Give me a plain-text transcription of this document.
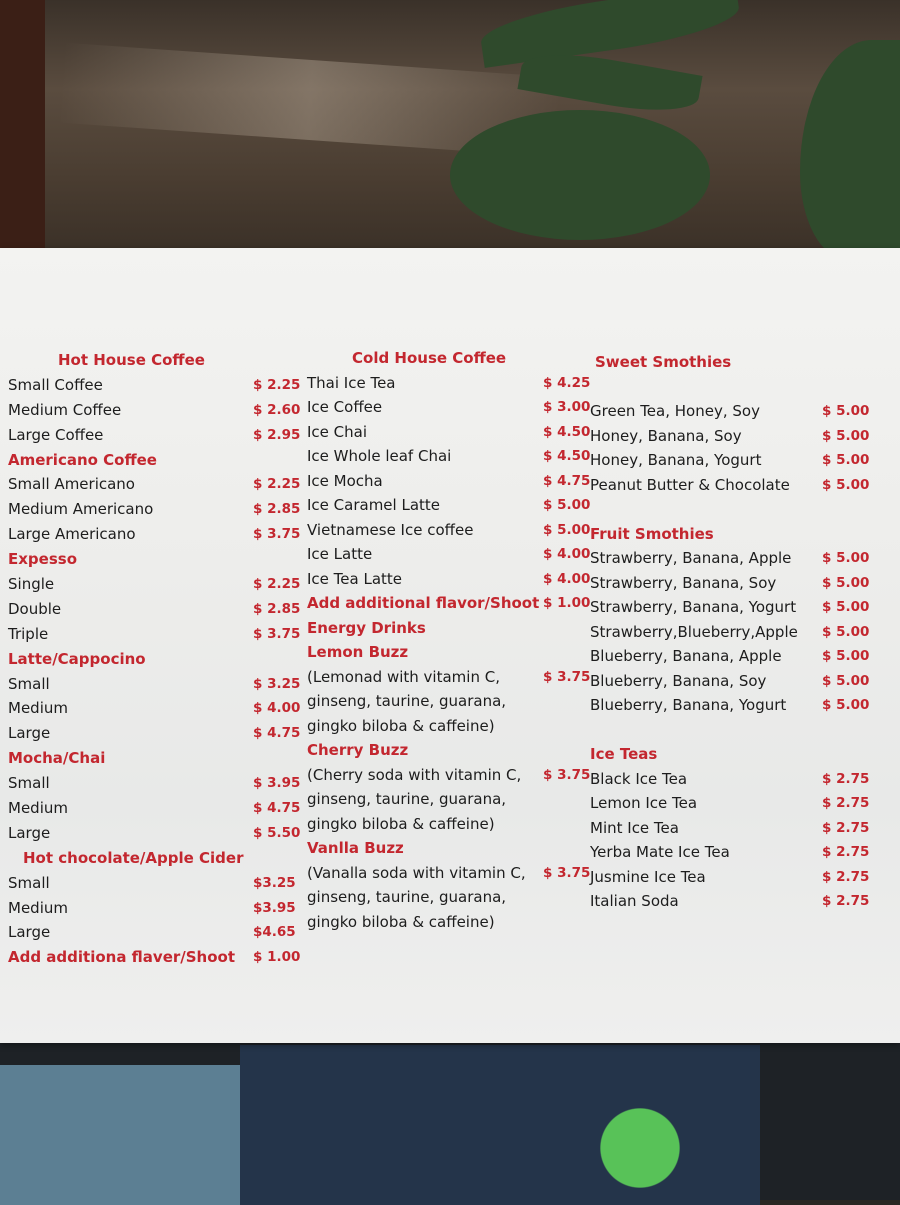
Hot House Coffee
Small Coffee	$ 2.25
Medium Coffee	$ 2.60
Large Coffee	$ 2.95
Americano Coffee
Small Americano	$ 2.25
Medium Americano	$ 2.85
Large Americano	$ 3.75
Expesso
Single	$ 2.25
Double	$ 2.85
Triple	$ 3.75
Latte/Cappocino
Small	$ 3.25
Medium	$ 4.00
Large	$ 4.75
Mocha/Chai
Small	$ 3.95
Medium	$ 4.75
Large	$ 5.50
Hot chocolate/Apple Cider
Small	$3.25
Medium	$3.95
Large	$4.65
Add additiona flaver/Shoot $ 1.00
Cold House Coffee
Thai Ice Tea	$ 4.25
Ice Coffee	$ 3.00
Ice Chai	$ 4.50
Ice Whole leaf Chai	$ 4.50
Ice Mocha	$ 4.75
Ice Caramel Latte	$ 5.00
Vietnamese Ice coffee	$ 5.00
Ice Latte	$ 4.00
Ice Tea Latte	$ 4.00
Add additional flavor/Shoot $ 1.00
Energy Drinks
Lemon Buzz
(Lemonad with vitamin C,	$ 3.75
ginseng, taurine, guarana,
gingko biloba & caffeine)
Cherry Buzz
(Cherry soda with vitamin C, $ 3.75
ginseng, taurine, guarana,
gingko biloba & caffeine)
Vanlla Buzz
(Vanalla soda with vitamin C, $ 3.75
ginseng, taurine, guarana,
gingko biloba & caffeine)
Sweet Smothies
Green Tea, Honey, Soy	$ 5.00
Honey, Banana, Soy	$ 5.00
Honey, Banana, Yogurt	$ 5.00
Peanut Butter & Chocolate $ 5.00
Fruit Smothies
Strawberry, Banana, Apple $ 5.00
Strawberry, Banana, Soy	$ 5.00
Strawberry, Banana, Yogurt $ 5.00
Strawberry,Blueberry,Apple $ 5.00
Blueberry, Banana, Apple	$ 5.00
Blueberry, Banana, Soy	$ 5.00
Blueberry, Banana, Yogurt	$ 5.00
Ice Teas
Black Ice Tea	$ 2.75
Lemon Ice Tea	$ 2.75
Mint Ice Tea	$ 2.75
Yerba Mate Ice Tea	$ 2.75
Jusmine Ice Tea	$ 2.75
Italian Soda	$ 2.75
